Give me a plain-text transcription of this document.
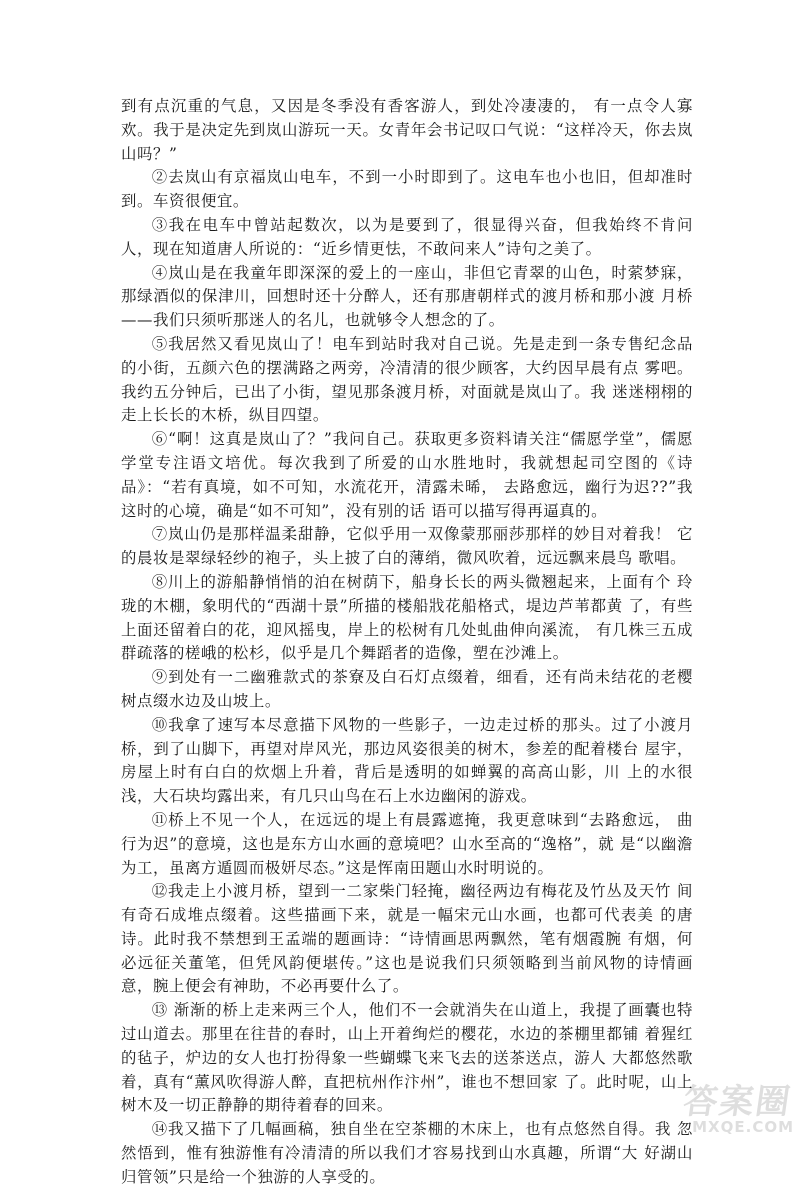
到有点沉重的气息，又因是冬季没有香客游人，到处冷凄凄的， 有一点令人寡欢。我于是决定先到岚山游玩一天。女青年会书记叹口气说：“这样冷天，你去岚山吗？”

②去岚山有京福岚山电车，不到一小时即到了。这电车也小也旧，但却准时到。车资很便宜。

③我在电车中曾站起数次，以为是要到了，很显得兴奋，但我始终不肯问 人，现在知道唐人所说的：“近乡情更怯，不敢问来人”诗句之美了。

④岚山是在我童年即深深的爱上的一座山，非但它青翠的山色，时萦梦寐，那绿酒似的保津川，回想时还十分醉人，还有那唐朝样式的渡月桥和那小渡 月桥——我们只须听那迷人的名儿，也就够令人想念的了。

⑤我居然又看见岚山了！电车到站时我对自己说。先是走到一条专售纪念品的小街，五颜六色的摆满路之两旁，冷清清的很少顾客，大约因早晨有点 雾吧。我约五分钟后，已出了小街，望见那条渡月桥，对面就是岚山了。我 迷迷栩栩的走上长长的木桥，纵目四望。

⑥“啊！这真是岚山了？”我问自己。获取更多资料请关注“儒愿学堂”，儒愿学堂专注语文培优。每次我到了所爱的山水胜地时，我就想起司空图的《诗品》：“若有真境，如不可知，水流花开，清露未晞， 去路愈远，幽行为迟??”我这时的心境，确是“如不可知”，没有别的话 语可以描写得再逼真的。

⑦岚山仍是那样温柔甜静，它似乎用一双像蒙那丽莎那样的妙目对着我！ 它的晨妆是翠绿轻纱的袍子，头上披了白的薄绡，微风吹着，远远飘来晨鸟 歌唱。

⑧川上的游船静悄悄的泊在树荫下，船身长长的两头微翘起来，上面有个 玲珑的木棚，象明代的“西湖十景”所描的楼船戕花船格式，堤边芦苇都黄 了，有些上面还留着白的花，迎风摇曳，岸上的松树有几处虬曲伸向溪流， 有几株三五成群疏落的槎峨的松杉，似乎是几个舞蹈者的造像，塑在沙滩上。

⑨到处有一二幽雅款式的茶寮及白石灯点缀着，细看，还有尚未结花的老樱树点缀水边及山坡上。

⑩我拿了速写本尽意描下风物的一些影子，一边走过桥的那头。过了小渡月桥，到了山脚下，再望对岸风光，那边风姿很美的树木，参差的配着楼台 屋宇，房屋上时有白白的炊烟上升着，背后是透明的如蝉翼的高高山影，川 上的水很浅，大石块均露出来，有几只山鸟在石上水边幽闲的游戏。

⑪桥上不见一个人，在远远的堤上有晨露遮掩，我更意味到“去路愈远， 曲行为迟”的意境，这也是东方山水画的意境吧？山水至高的“逸格”，就 是“以幽澹为工，虽离方遁圆而极妍尽态。”这是恽南田题山水时明说的。

⑫我走上小渡月桥，望到一二家柴门轻掩，幽径两边有梅花及竹丛及天竹 间有奇石成堆点缀着。这些描画下来，就是一幅宋元山水画，也都可代表美 的唐诗。此时我不禁想到王孟端的题画诗：“诗情画思两飘然，笔有烟霞腕 有烟，何必远征关董笔，但凭风韵便堪传。”这也是说我们只须领略到当前风物的诗情画意，腕上便会有神助，不必再要什么了。

⑬ 渐渐的桥上走来两三个人，他们不一会就消失在山道上，我提了画囊也特过山道去。那里在往昔的春时，山上开着绚烂的樱花，水边的茶棚里都铺 着猩红的毡子，炉边的女人也打扮得象一些蝴蝶飞来飞去的送茶送点，游人 大都悠然歌着，真有“薰风吹得游人醉，直把杭州作汴州”，谁也不想回家 了。此时呢，山上树木及一切正静静的期待着春的回来。

⑭我又描下了几幅画稿，独自坐在空茶棚的木床上，也有点悠然自得。我 忽然悟到，惟有独游惟有冷清清的所以我们才容易找到山水真趣，所谓“大 好湖山归管领”只是给一个独游的人享受的。

答案圈
MXQE.COM
